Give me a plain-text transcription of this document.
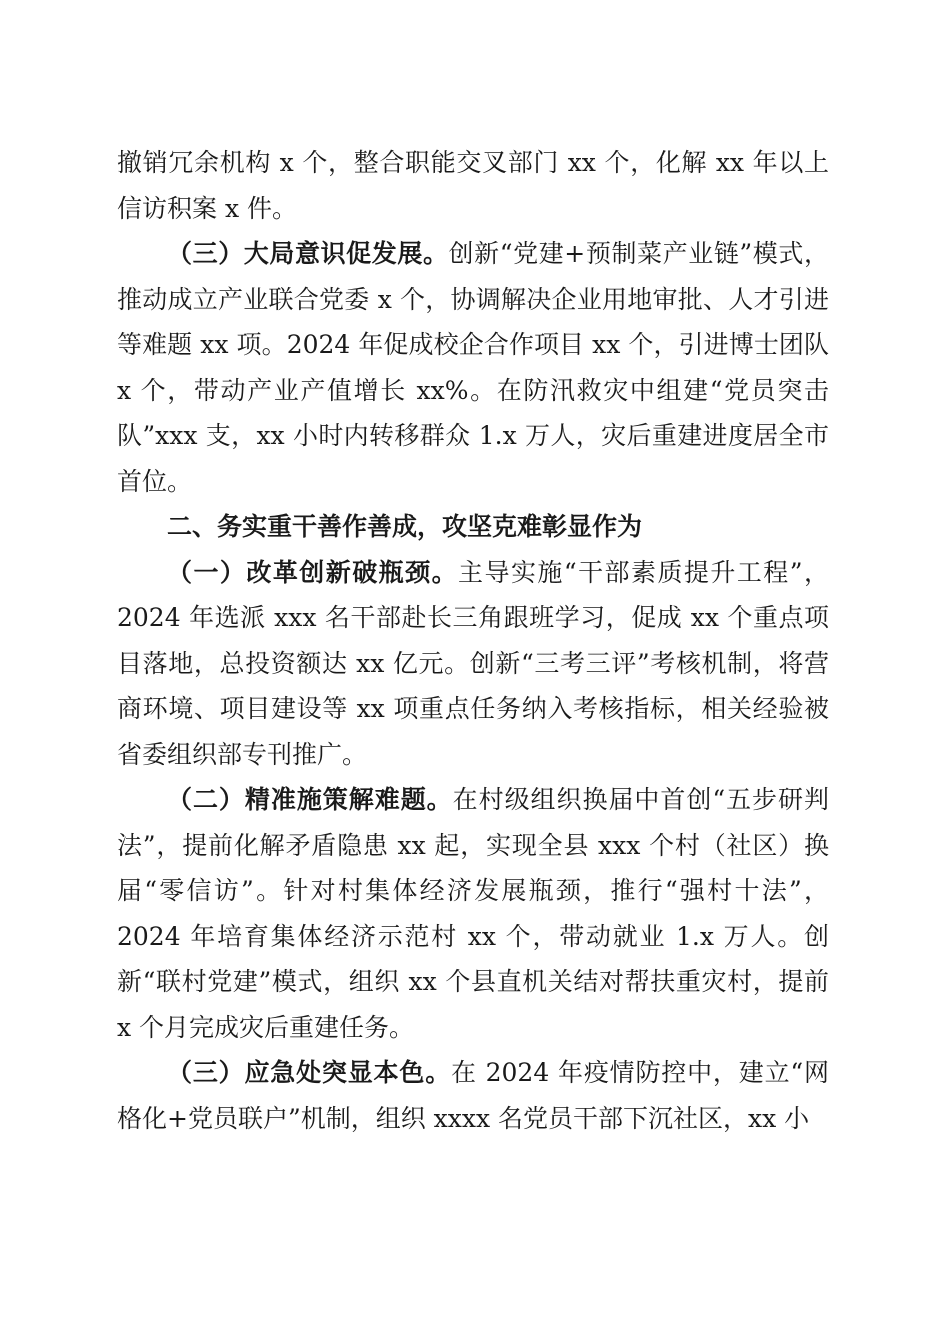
撤销冗余机构 x 个，整合职能交叉部门 xx 个，化解 xx 年以上信访积案 x 件。

（三）大局意识促发展。创新“党建+预制菜产业链”模式，推动成立产业联合党委 x 个，协调解决企业用地审批、人才引进等难题 xx 项。2024 年促成校企合作项目 xx 个，引进博士团队 x 个，带动产业产值增长 xx%。在防汛救灾中组建“党员突击队”xxx 支，xx 小时内转移群众 1.x 万人，灾后重建进度居全市首位。

二、务实重干善作善成，攻坚克难彰显作为

（一）改革创新破瓶颈。主导实施“干部素质提升工程”，2024 年选派 xxx 名干部赴长三角跟班学习，促成 xx 个重点项目落地，总投资额达 xx 亿元。创新“三考三评”考核机制，将营商环境、项目建设等 xx 项重点任务纳入考核指标，相关经验被省委组织部专刊推广。

（二）精准施策解难题。在村级组织换届中首创“五步研判法”，提前化解矛盾隐患 xx 起，实现全县 xxx 个村（社区）换届“零信访”。针对村集体经济发展瓶颈，推行“强村十法”，2024 年培育集体经济示范村 xx 个，带动就业 1.x 万人。创新“联村党建”模式，组织 xx 个县直机关结对帮扶重灾村，提前 x 个月完成灾后重建任务。

（三）应急处突显本色。在 2024 年疫情防控中，建立“网格化+党员联户”机制，组织 xxxx 名党员干部下沉社区，xx 小
